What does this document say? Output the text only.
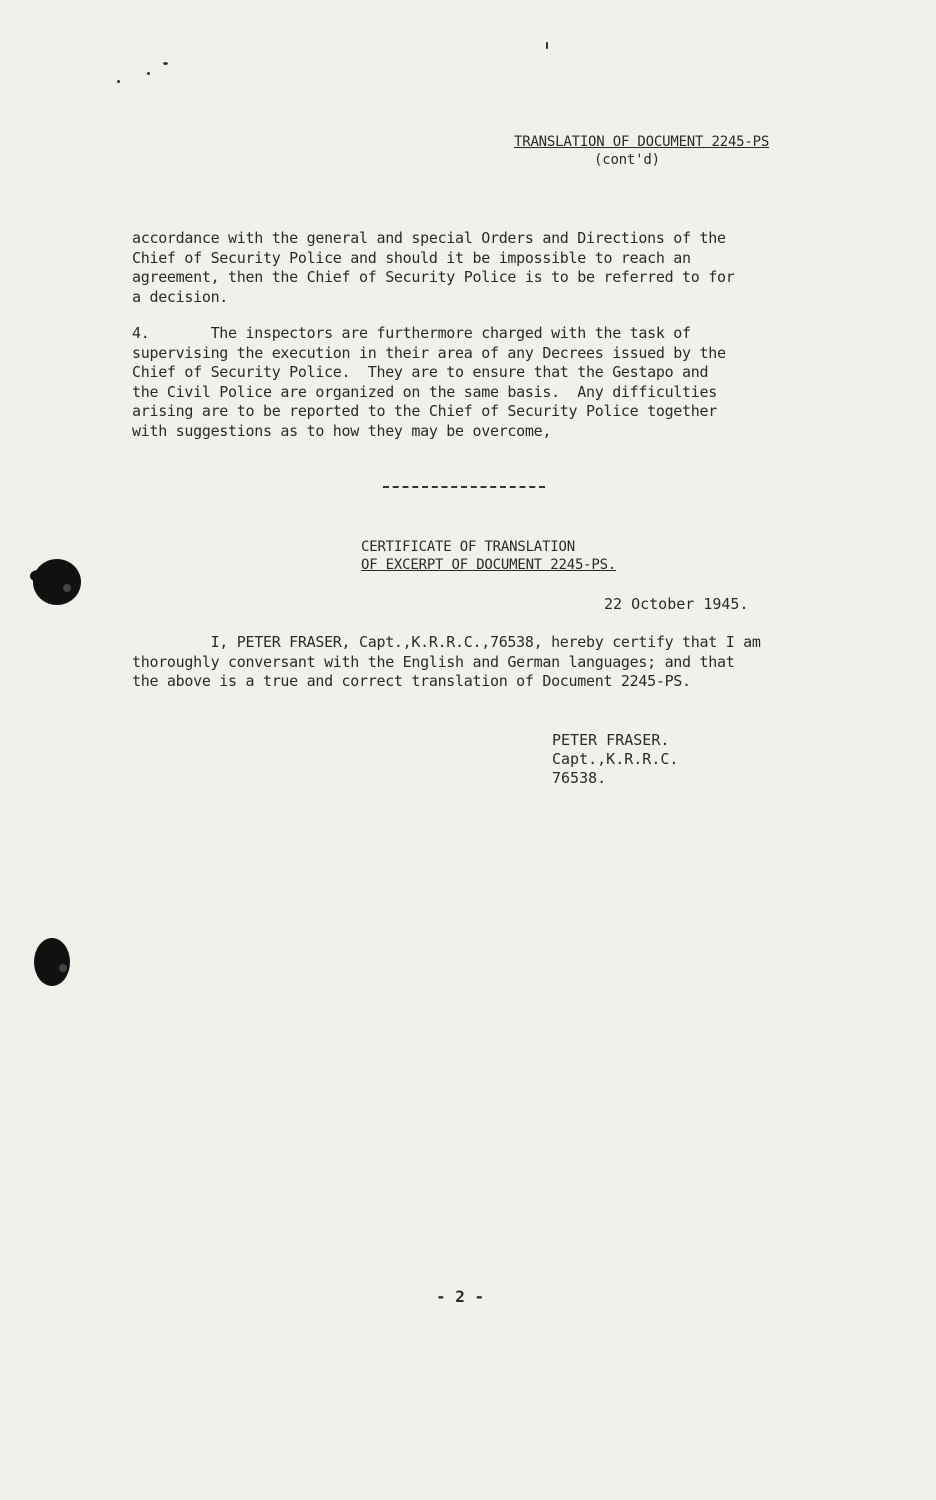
TRANSLATION OF DOCUMENT 2245-PS
(cont'd)

accordance with the general and special Orders and Directions of the
Chief of Security Police and should it be impossible to reach an
agreement, then the Chief of Security Police is to be referred to for
a decision.

4.       The inspectors are furthermore charged with the task of
supervising the execution in their area of any Decrees issued by the
Chief of Security Police.  They are to ensure that the Gestapo and
the Civil Police are organized on the same basis.  Any difficulties
arising are to be reported to the Chief of Security Police together
with suggestions as to how they may be overcome,

CERTIFICATE OF TRANSLATION
OF EXCERPT OF DOCUMENT 2245-PS.
22 October 1945.

I, PETER FRASER, Capt.,K.R.R.C.,76538, hereby certify that I am
thoroughly conversant with the English and German languages; and that
the above is a true and correct translation of Document 2245-PS.

PETER FRASER.
Capt.,K.R.R.C.
76538.
- 2 -
